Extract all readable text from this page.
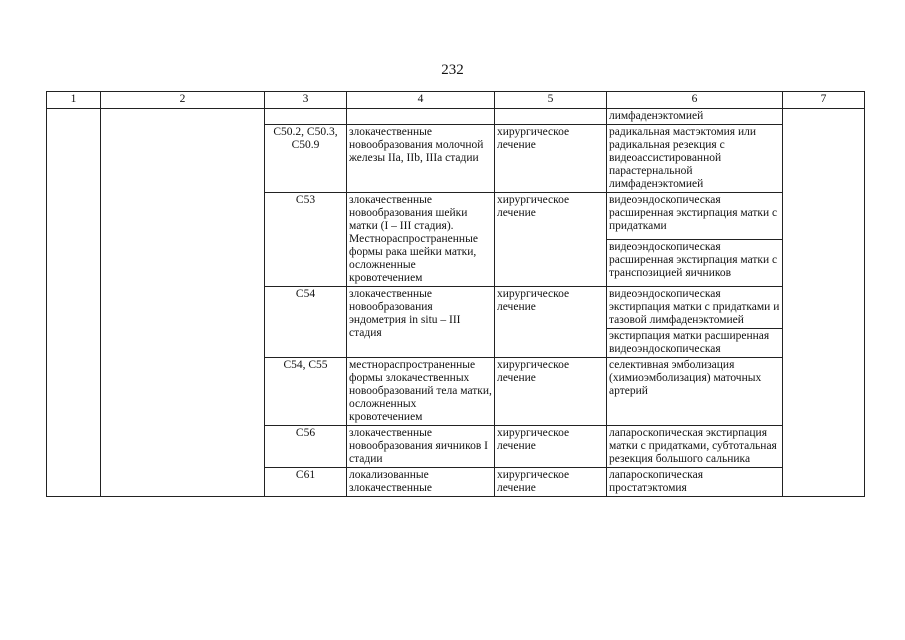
232
1	2	3	4	5	6	7
					лимфаденэктомией	
		C50.2, C50.3, C50.9	злокачественные новообразования молочной железы IIa, IIb, IIIa стадии	хирургическое лечение	радикальная мастэктомия или радикальная резекция с видеоассистированной парастернальной лимфаденэктомией	
		C53	злокачественные новообразования шейки матки (I – III стадия). Местнораспространенные формы рака шейки матки, осложненные кровотечением	хирургическое лечение	видеоэндоскопическая расширенная экстирпация матки с придатками	
					видеоэндоскопическая расширенная экстирпация матки с транспозицией яичников	
		C54	злокачественные новообразования эндометрия in situ – III стадия	хирургическое лечение	видеоэндоскопическая экстирпация матки с придатками и тазовой лимфаденэктомией	
					экстирпация матки расширенная видеоэндоскопическая	
		C54, C55	местнораспространенные формы злокачественных новообразований тела матки, осложненных кровотечением	хирургическое лечение	селективная эмболизация (химиоэмболизация) маточных артерий	
		C56	злокачественные новообразования яичников I стадии	хирургическое лечение	лапароскопическая экстирпация матки с придатками, субтотальная резекция большого сальника	
		C61	локализованные злокачественные	хирургическое лечение	лапароскопическая простатэктомия	
